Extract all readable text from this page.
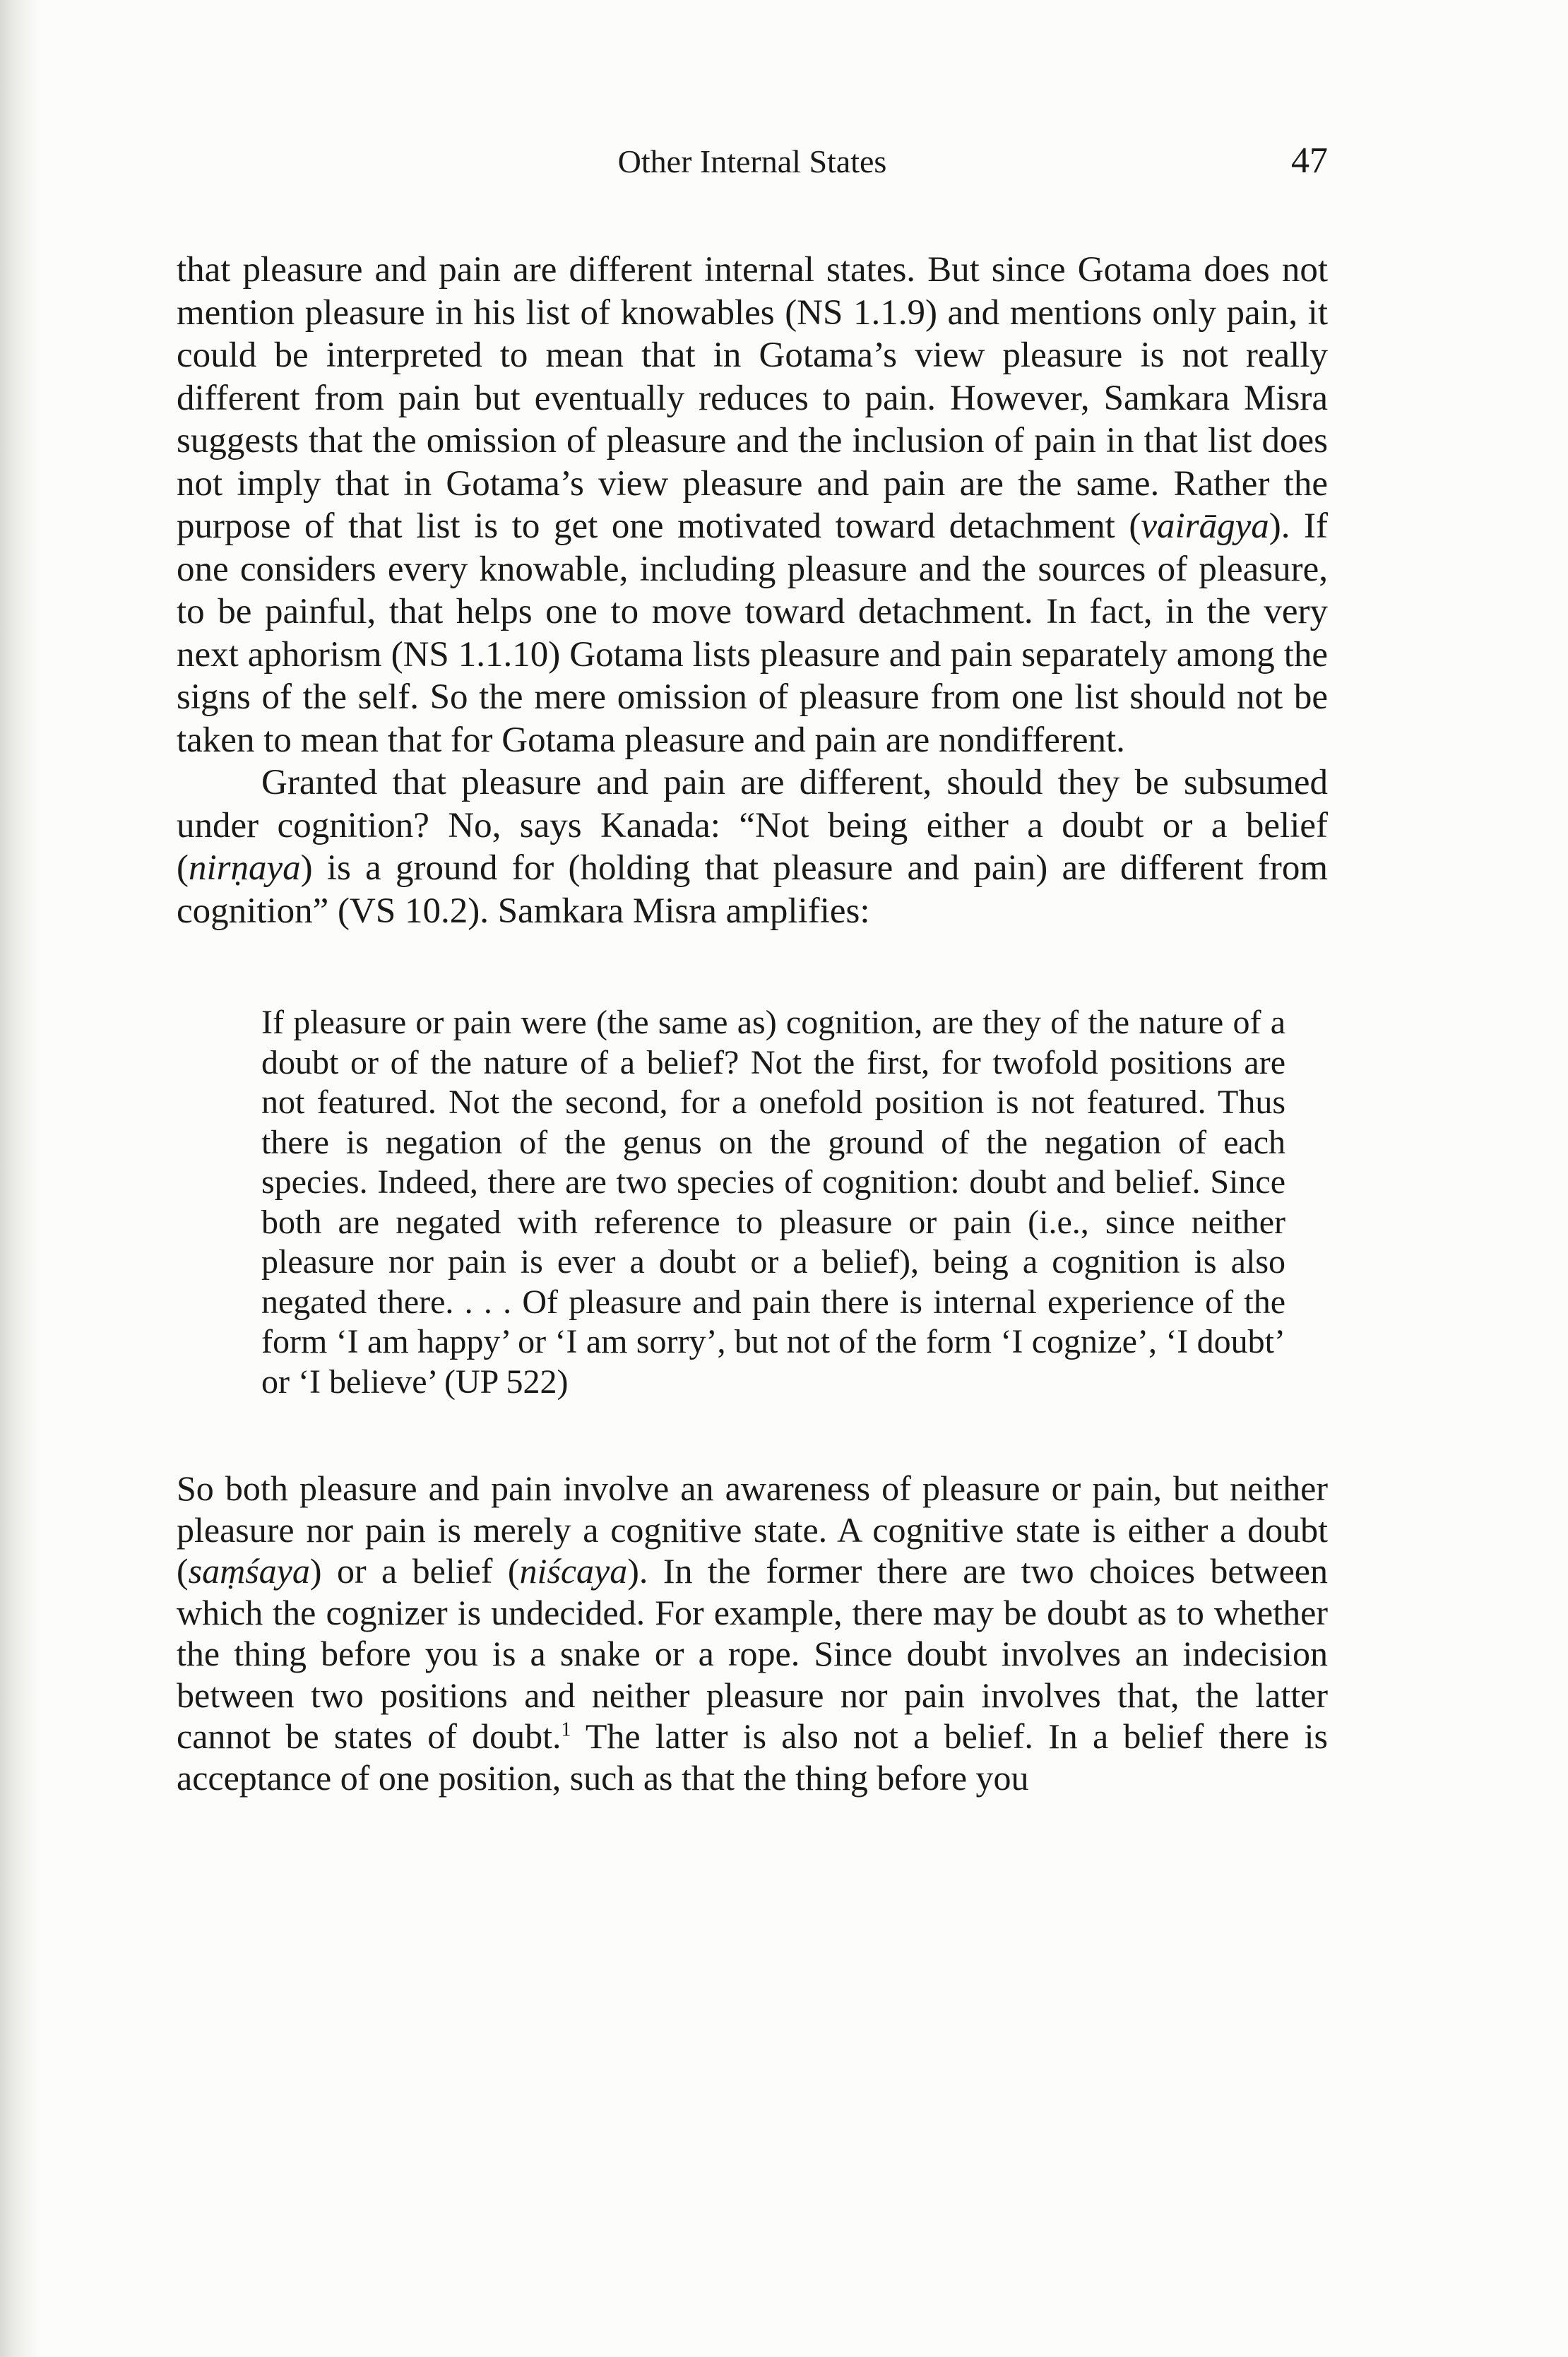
Other Internal States	47

that pleasure and pain are different internal states. But since Gotama does not mention pleasure in his list of knowables (NS 1.1.9) and mentions only pain, it could be interpreted to mean that in Gotama’s view pleasure is not really different from pain but eventually reduces to pain. However, Samkara Misra suggests that the omission of pleasure and the inclusion of pain in that list does not imply that in Gotama’s view pleasure and pain are the same. Rather the purpose of that list is to get one motivated toward detachment (vairāgya). If one considers every knowable, including pleasure and the sources of pleasure, to be painful, that helps one to move toward detachment. In fact, in the very next aphorism (NS 1.1.10) Gotama lists pleasure and pain separately among the signs of the self. So the mere omission of pleasure from one list should not be taken to mean that for Gotama pleasure and pain are nondifferent.

Granted that pleasure and pain are different, should they be subsumed under cognition? No, says Kanada: “Not being either a doubt or a belief (nirṇaya) is a ground for (holding that pleasure and pain) are different from cognition” (VS 10.2). Samkara Misra amplifies:

If pleasure or pain were (the same as) cognition, are they of the nature of a doubt or of the nature of a belief? Not the first, for twofold positions are not featured. Not the second, for a onefold position is not featured. Thus there is negation of the genus on the ground of the negation of each species. Indeed, there are two species of cognition: doubt and belief. Since both are negated with reference to pleasure or pain (i.e., since neither pleasure nor pain is ever a doubt or a belief), being a cognition is also negated there. . . . Of pleasure and pain there is internal experience of the form ‘I am happy’ or ‘I am sorry’, but not of the form ‘I cognize’, ‘I doubt’ or ‘I believe’ (UP 522)

So both pleasure and pain involve an awareness of pleasure or pain, but neither pleasure nor pain is merely a cognitive state. A cognitive state is either a doubt (saṃśaya) or a belief (niścaya). In the former there are two choices between which the cognizer is undecided. For example, there may be doubt as to whether the thing before you is a snake or a rope. Since doubt involves an indecision between two positions and neither pleasure nor pain involves that, the latter cannot be states of doubt.$^1$ The latter is also not a belief. In a belief there is acceptance of one position, such as that the thing before you
